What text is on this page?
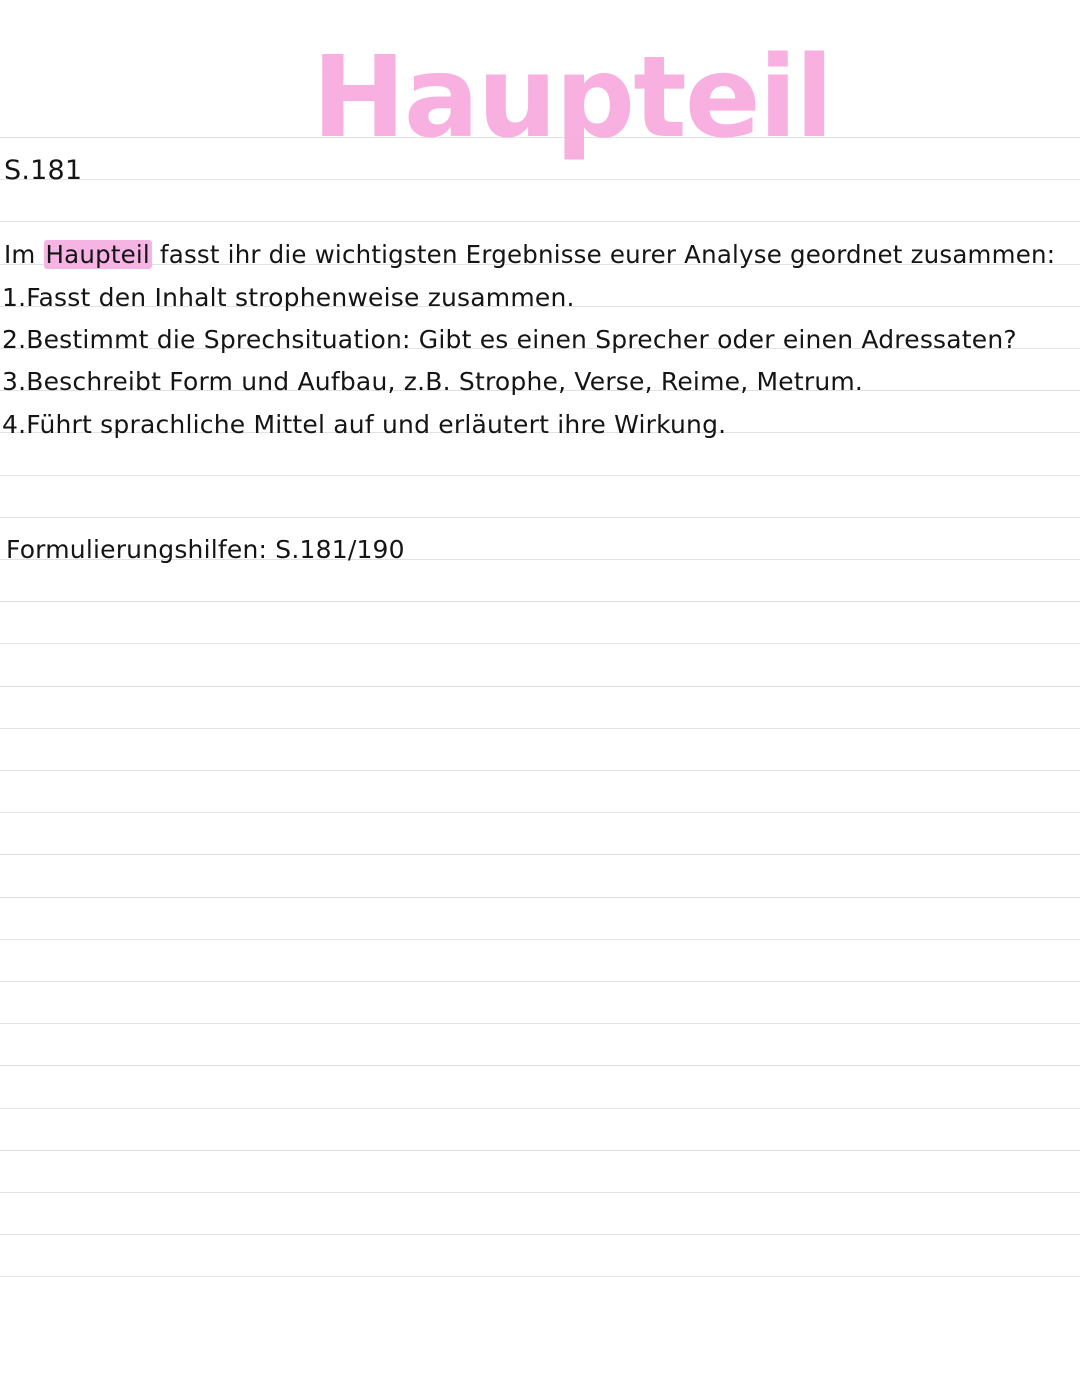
Haupteil
S.181
Im Haupteil fasst ihr die wichtigsten Ergebnisse eurer Analyse geordnet zusammen:
1.Fasst den Inhalt strophenweise zusammen.
2.Bestimmt die Sprechsituation: Gibt es einen Sprecher oder einen Adressaten?
3.Beschreibt Form und Aufbau, z.B. Strophe, Verse, Reime, Metrum.
4.Führt sprachliche Mittel auf und erläutert ihre Wirkung.
Formulierungshilfen: S.181/190
